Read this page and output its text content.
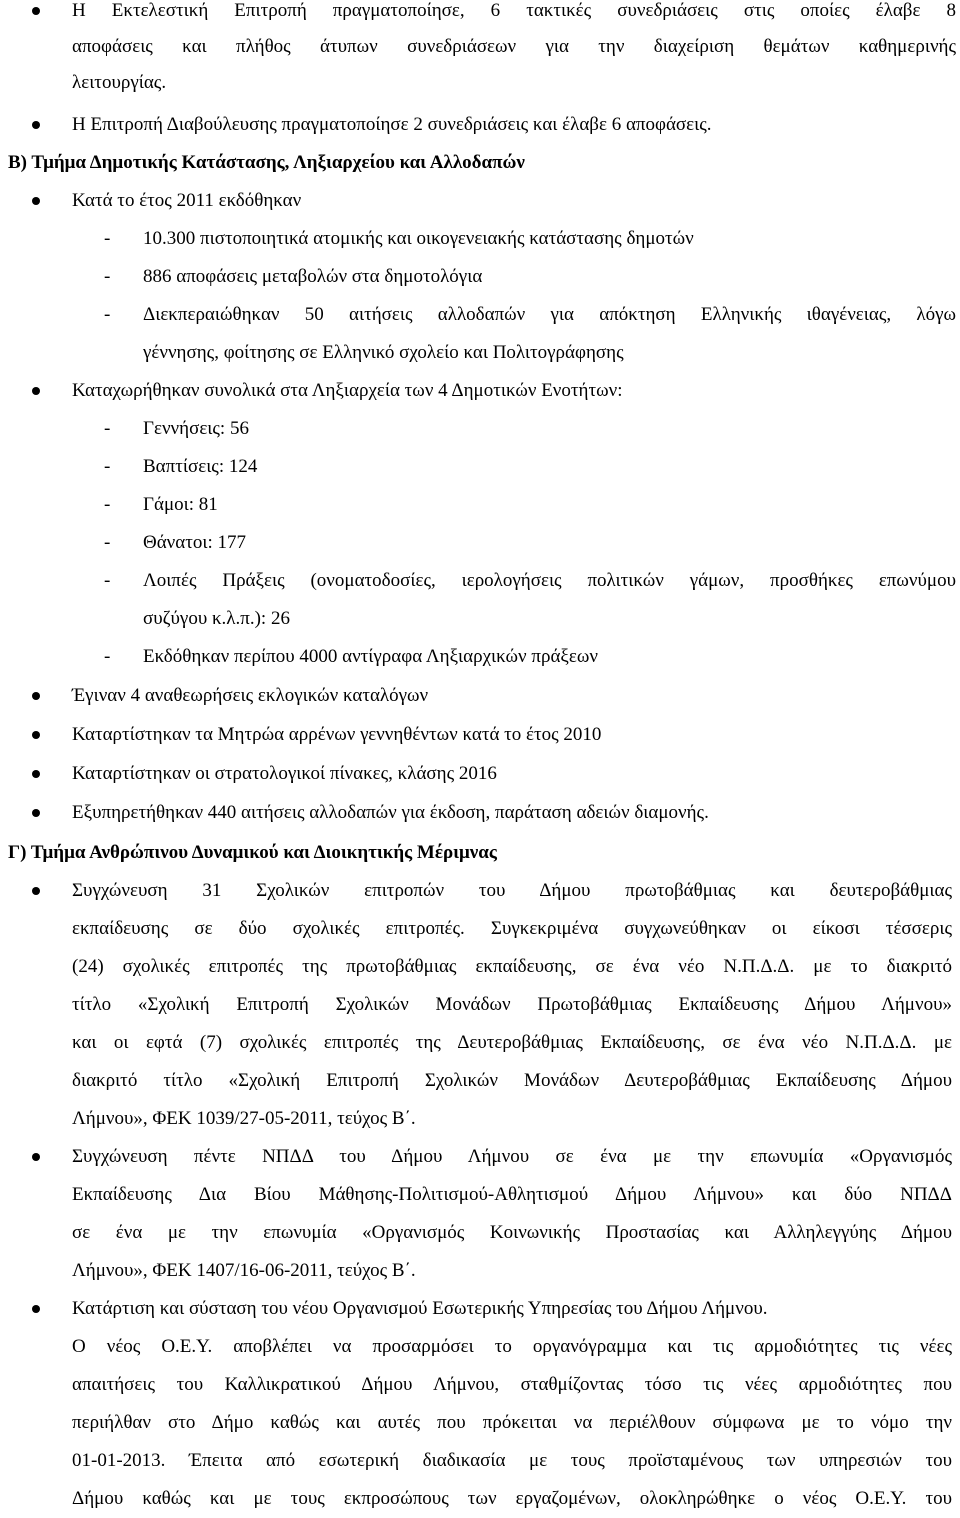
Η Εκτελεστική Επιτροπή πραγματοποίησε, 6 τακτικές συνεδριάσεις στις οποίες έλαβε 8
αποφάσεις και πλήθος άτυπων συνεδριάσεων για την διαχείριση θεμάτων καθημερινής
λειτουργίας.
Η Επιτροπή Διαβούλευσης πραγματοποίησε 2 συνεδριάσεις και έλαβε 6 αποφάσεις.
Β) Τμήμα Δημοτικής Κατάστασης, Ληξιαρχείου και Αλλοδαπών
Κατά το έτος 2011 εκδόθηκαν
- 10.300 πιστοποιητικά ατομικής και οικογενειακής κατάστασης δημοτών
- 886 αποφάσεις μεταβολών στα δημοτολόγια
- Διεκπεραιώθηκαν 50 αιτήσεις αλλοδαπών για απόκτηση Ελληνικής ιθαγένειας, λόγω
γέννησης, φοίτησης σε Ελληνικό σχολείο και Πολιτογράφησης
Καταχωρήθηκαν συνολικά στα Ληξιαρχεία των 4 Δημοτικών Ενοτήτων:
- Γεννήσεις: 56
- Βαπτίσεις: 124
- Γάμοι: 81
- Θάνατοι: 177
- Λοιπές Πράξεις (ονοματοδοσίες, ιερολογήσεις πολιτικών γάμων, προσθήκες επωνύμου
συζύγου κ.λ.π.): 26
- Εκδόθηκαν περίπου 4000 αντίγραφα Ληξιαρχικών πράξεων
Έγιναν 4 αναθεωρήσεις εκλογικών καταλόγων
Καταρτίστηκαν τα Μητρώα αρρένων γεννηθέντων κατά το έτος 2010
Καταρτίστηκαν οι στρατολογικοί πίνακες, κλάσης 2016
Εξυπηρετήθηκαν 440 αιτήσεις αλλοδαπών για έκδοση, παράταση αδειών διαμονής.
Γ) Τμήμα Ανθρώπινου Δυναμικού και Διοικητικής Μέριμνας
Συγχώνευση 31 Σχολικών επιτροπών του Δήμου πρωτοβάθμιας και δευτεροβάθμιας
εκπαίδευσης σε δύο σχολικές επιτροπές. Συγκεκριμένα συγχωνεύθηκαν οι είκοσι τέσσερις
(24) σχολικές επιτροπές της πρωτοβάθμιας εκπαίδευσης, σε ένα νέο Ν.Π.Δ.Δ. με το διακριτό
τίτλο «Σχολική Επιτροπή Σχολικών Μονάδων Πρωτοβάθμιας Εκπαίδευσης Δήμου Λήμνου»
και οι εφτά (7) σχολικές επιτροπές της Δευτεροβάθμιας Εκπαίδευσης, σε ένα νέο Ν.Π.Δ.Δ. με
διακριτό τίτλο «Σχολική Επιτροπή Σχολικών Μονάδων Δευτεροβάθμιας Εκπαίδευσης Δήμου
Λήμνου», ΦΕΚ 1039/27-05-2011, τεύχος Β΄.
Συγχώνευση πέντε ΝΠΔΔ του Δήμου Λήμνου σε ένα με την επωνυμία «Οργανισμός
Εκπαίδευσης Δια Βίου Μάθησης-Πολιτισμού-Αθλητισμού Δήμου Λήμνου» και δύο ΝΠΔΔ
σε ένα με την επωνυμία «Οργανισμός Κοινωνικής Προστασίας και Αλληλεγγύης Δήμου
Λήμνου», ΦΕΚ 1407/16-06-2011, τεύχος Β΄.
Κατάρτιση και σύσταση του νέου Οργανισμού Εσωτερικής Υπηρεσίας του Δήμου Λήμνου.
Ο νέος Ο.Ε.Υ. αποβλέπει να προσαρμόσει το οργανόγραμμα και τις αρμοδιότητες τις νέες
απαιτήσεις του Καλλικρατικού Δήμου Λήμνου, σταθμίζοντας τόσο τις νέες αρμοδιότητες που
περιήλθαν στο Δήμο καθώς και αυτές που πρόκειται να περιέλθουν σύμφωνα με το νόμο την
01-01-2013. Έπειτα από εσωτερική διαδικασία με τους προϊσταμένους των υπηρεσιών του
Δήμου καθώς και με τους εκπροσώπους των εργαζομένων, ολοκληρώθηκε ο νέος Ο.Ε.Υ. του
